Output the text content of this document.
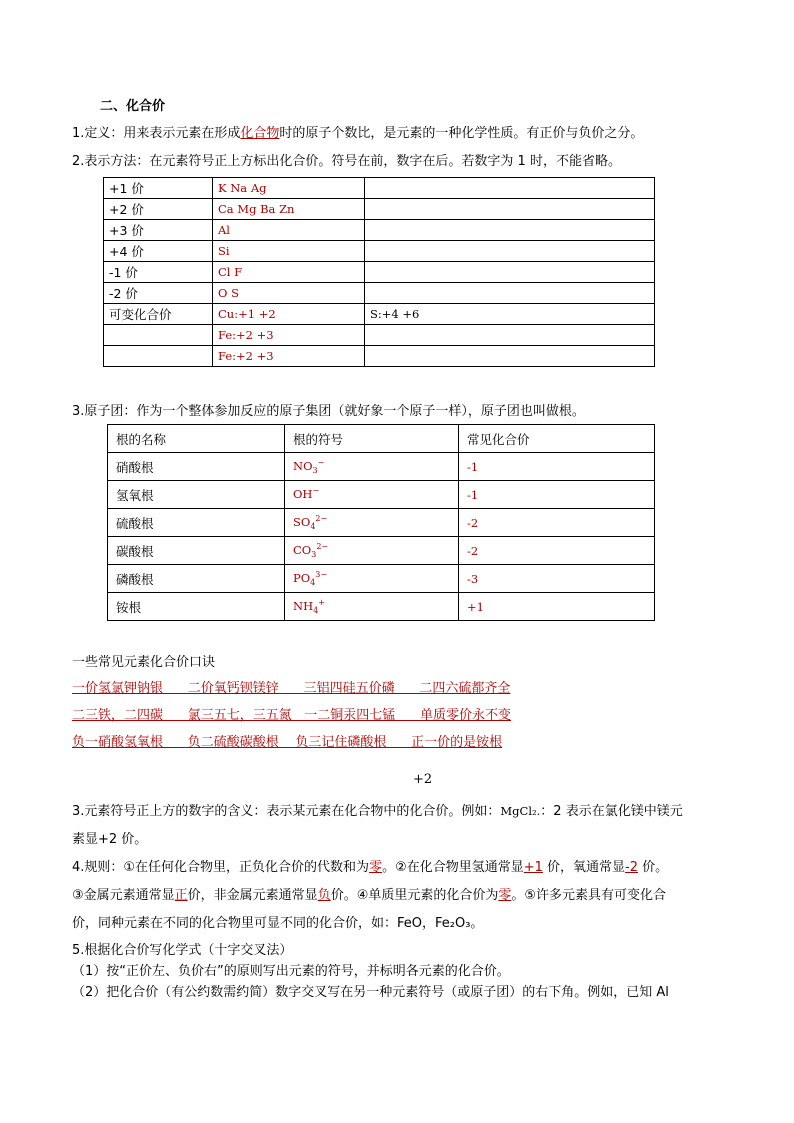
二、化合价
1.定义：用来表示元素在形成化合物时的原子个数比，是元素的一种化学性质。有正价与负价之分。
2.表示方法：在元素符号正上方标出化合价。符号在前，数字在后。若数字为 1 时，不能省略。
+1 价	K Na Ag	
+2 价	Ca Mg Ba Zn	
+3 价	Al	
+4 价	Si	
-1 价	Cl F	
-2 价	O S	
可变化合价	Cu:+1 +2	S:+4 +6
	Fe:+2 +3	
	Fe:+2 +3	
3.原子团：作为一个整体参加反应的原子集团（就好象一个原子一样），原子团也叫做根。
根的名称	根的符号	常见化合价
硝酸根	$NO_3^-$	-1
氢氧根	OH−	-1
硫酸根	$SO_4^{2-}$	-2
碳酸根	$CO_3^{2-}$	-2
磷酸根	$PO_4^{3-}$	-3
铵根	$NH_4^+$	+1
一些常见元素化合价口诀
一价氢氯钾钠银      二价氧钙钡镁锌      三铝四硅五价磷      二四六硫都齐全
二三铁，二四碳      氯三五七，三五氮   一二铜汞四七锰      单质零价永不变
负一硝酸氢氧根      负二硫酸碳酸根    负三记住磷酸根      正一价的是铵根
+2
3.元素符号正上方的数字的含义：表示某元素在化合物中的化合价。例如：MgCl₂.：2 表示在氯化镁中镁元
素显+2 价。
4.规则：①在任何化合物里，正负化合价的代数和为零。②在化合物里氢通常显+1 价，氧通常显-2 价。
③金属元素通常显正价，非金属元素通常显负价。④单质里元素的化合价为零。⑤许多元素具有可变化合
价，同种元素在不同的化合物里可显不同的化合价，如：FeO，Fe₂O₃。
5.根据化合价写化学式（十字交叉法）
（1）按“正价左、负价右”的原则写出元素的符号，并标明各元素的化合价。
（2）把化合价（有公约数需约简）数字交叉写在另一种元素符号（或原子团）的右下角。例如，已知 Al
